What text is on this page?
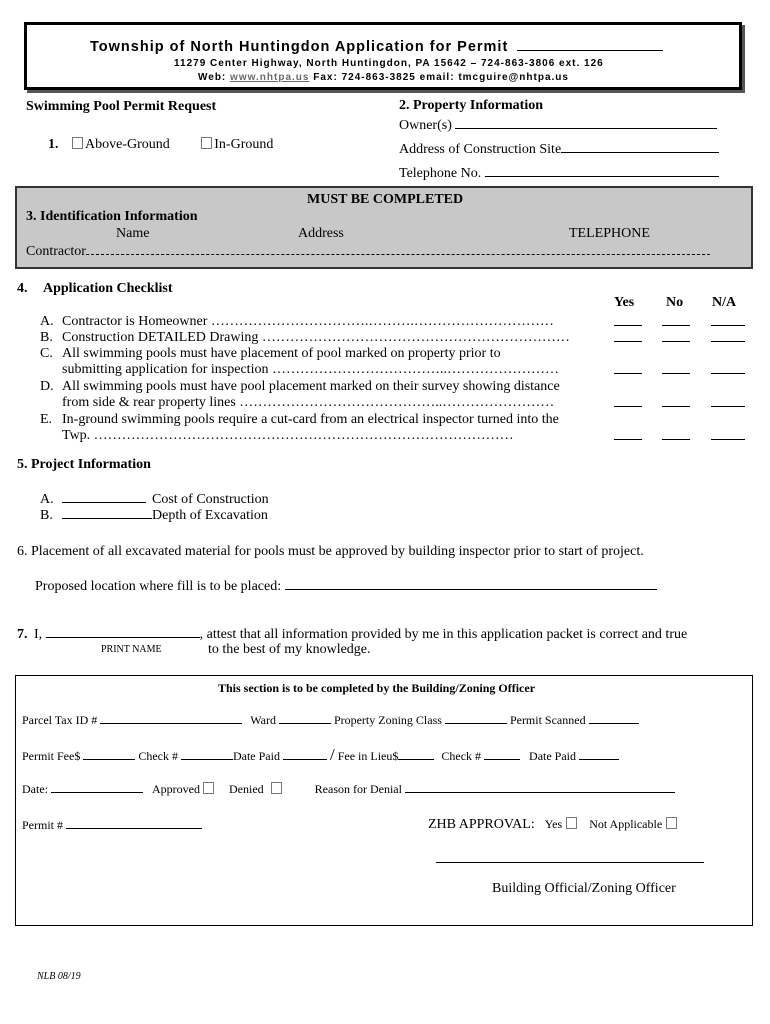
Township of North Huntingdon Application for Permit
11279 Center Highway, North Huntingdon, PA 15642 – 724-863-3806 ext. 126
Web: www.nhtpa.us Fax: 724-863-3825 email: tmcguire@nhtpa.us
Swimming Pool Permit Request
1. Above-Ground	In-Ground
2. Property Information
Owner(s)
Address of Construction Site
Telephone No.
MUST BE COMPLETED
3. Identification Information
Name	Address	TELEPHONE
Contractor
4. Application Checklist
Yes No N/A
A. Contractor is Homeowner …………………………….……….…………………………
B. Construction DETAILED Drawing …………………………………………………………
C. All swimming pools must have placement of pool marked on property prior to
submitting application for inspection ………………………………..……………………
D. All swimming pools must have pool placement marked on their survey showing distance
from side & rear property lines ……………………………………..……………………
E. In-ground swimming pools require a cut-card from an electrical inspector turned into the
Twp. ………………………………………………………………………………
5. Project Information
A.	Cost of Construction
B.	Depth of Excavation
6. Placement of all excavated material for pools must be approved by building inspector prior to start of project.
Proposed location where fill is to be placed:
7. I,	, attest that all information provided by me in this application packet is correct and true
to the best of my knowledge.
PRINT NAME
This section is to be completed by the Building/Zoning Officer
Parcel Tax ID #	Ward	Property Zoning Class	Permit Scanned
Permit Fee$	Check #	Date Paid	/ Fee in Lieu$	Check #	Date Paid
Date:	Approved Denied	Reason for Denial
Permit #	ZHB APPROVAL: Yes Not Applicable
Building Official/Zoning Officer
NLB 08/19
